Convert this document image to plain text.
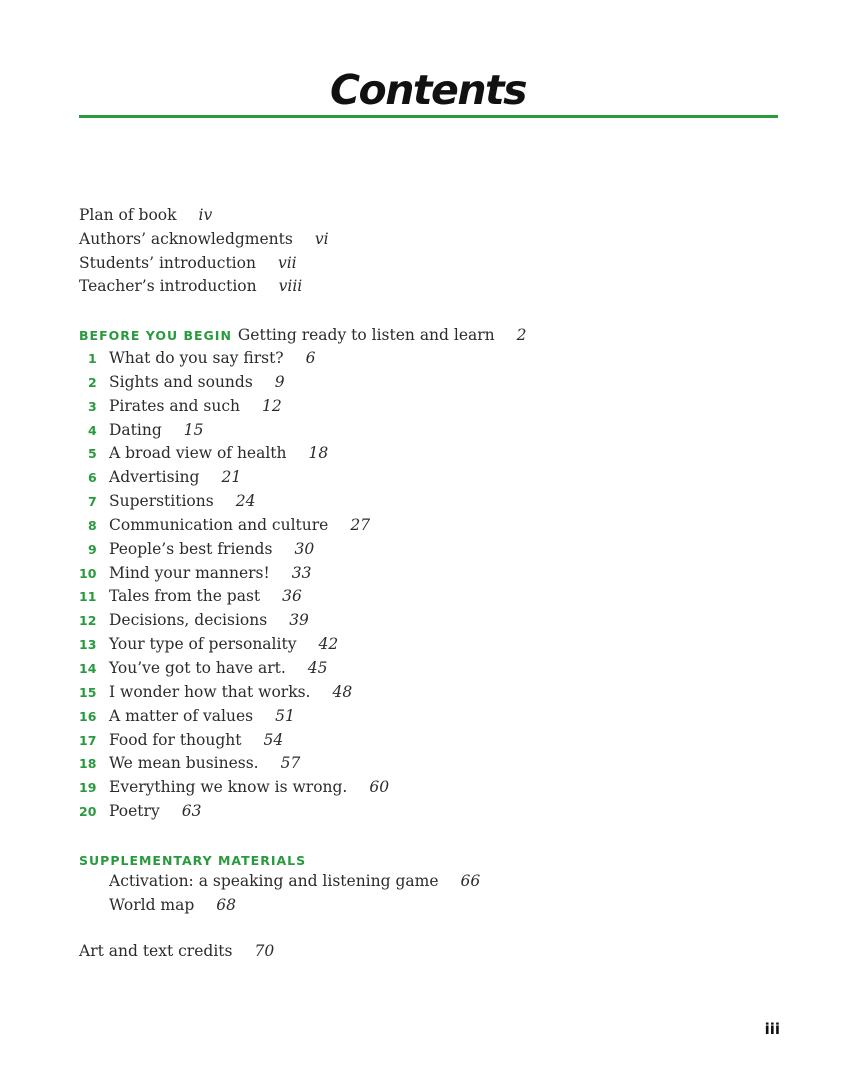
Contents
Plan of book iv
Authors’ acknowledgments vi
Students’ introduction vii
Teacher’s introduction viii
BEFORE YOU BEGIN Getting ready to listen and learn 2
1 What do you say first? 6
2 Sights and sounds 9
3 Pirates and such 12
4 Dating 15
5 A broad view of health 18
6 Advertising 21
7 Superstitions 24
8 Communication and culture 27
9 People’s best friends 30
10 Mind your manners! 33
11 Tales from the past 36
12 Decisions, decisions 39
13 Your type of personality 42
14 You’ve got to have art. 45
15 I wonder how that works. 48
16 A matter of values 51
17 Food for thought 54
18 We mean business. 57
19 Everything we know is wrong. 60
20 Poetry 63
SUPPLEMENTARY MATERIALS
Activation: a speaking and listening game 66
World map 68
Art and text credits 70
iii
